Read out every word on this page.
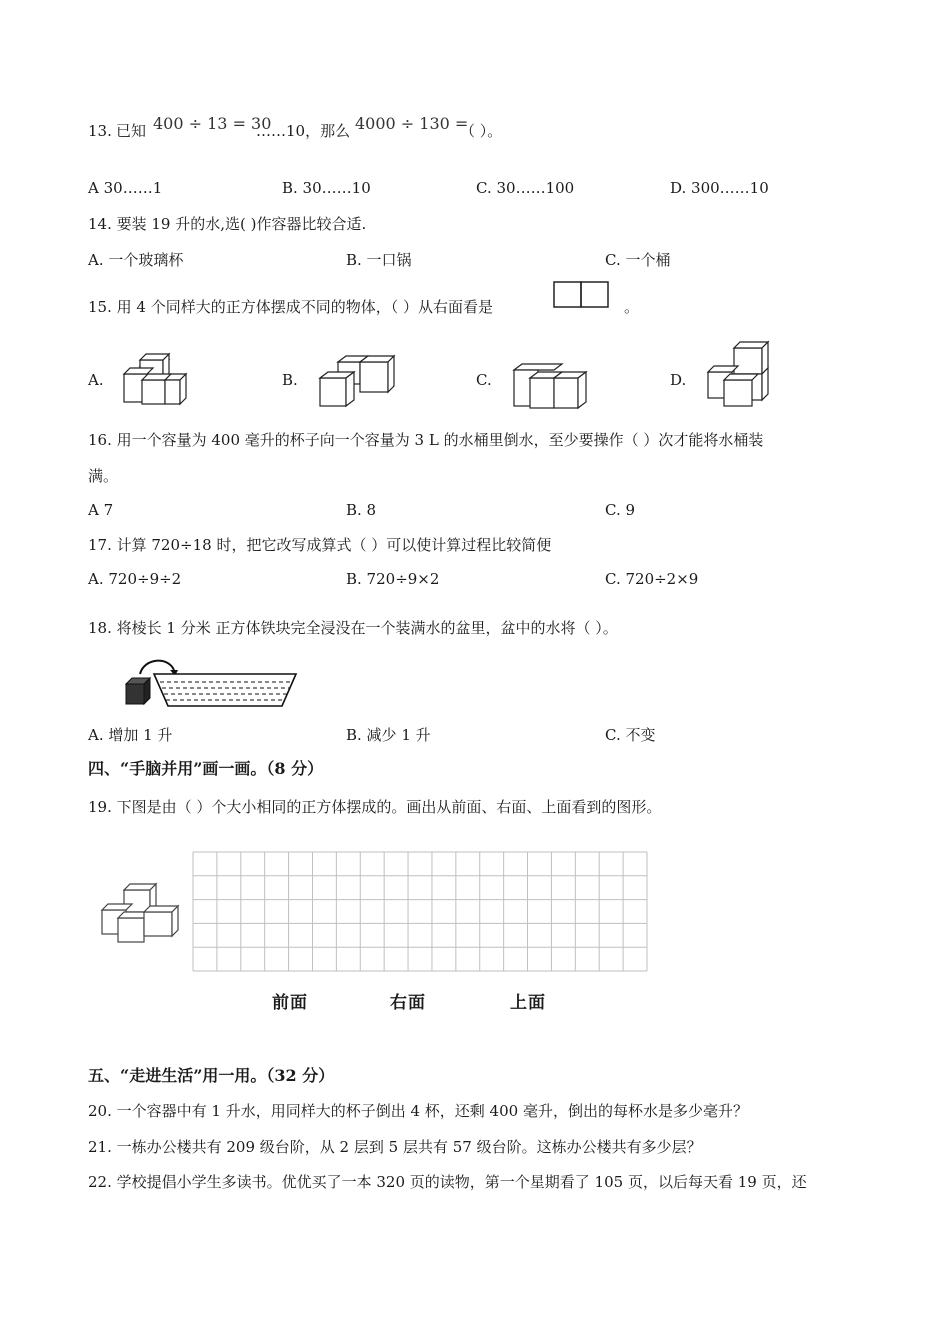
13. 已知 400 ÷ 13 = 30
……10，那么 4000 ÷ 130 =
（ ）。
A 30……1	B. 30……10	C. 30……100	D. 300……10
14. 要装 19 升的水,选( )作容器比较合适.
A. 一个玻璃杯	B. 一口锅	C. 一个桶
15. 用 4 个同样大的正方体摆成不同的物体，（ ）从右面看是	。
A.	B.	C.	D.
16. 用一个容量为 400 毫升的杯子向一个容量为 3 L 的水桶里倒水，至少要操作（ ）次才能将水桶装
满。
A 7	B. 8	C. 9
17. 计算 720÷18 时，把它改写成算式（ ）可以使计算过程比较简便
A. 720÷9÷2	B. 720÷9×2	C. 720÷2×9
18. 将棱长 1 分米 正方体铁块完全浸没在一个装满水的盆里，盆中的水将（ ）。
A. 增加 1 升	B. 减少 1 升	C. 不变
四、“手脑并用”画一画。（8 分）
19. 下图是由（ ）个大小相同的正方体摆成的。画出从前面、右面、上面看到的图形。
前面	右面	上面
五、“走进生活”用一用。（32 分）
20. 一个容器中有 1 升水，用同样大的杯子倒出 4 杯，还剩 400 毫升，倒出的每杯水是多少毫升？
21. 一栋办公楼共有 209 级台阶，从 2 层到 5 层共有 57 级台阶。这栋办公楼共有多少层？
22. 学校提倡小学生多读书。优优买了一本 320 页的读物，第一个星期看了 105 页，以后每天看 19 页，还
